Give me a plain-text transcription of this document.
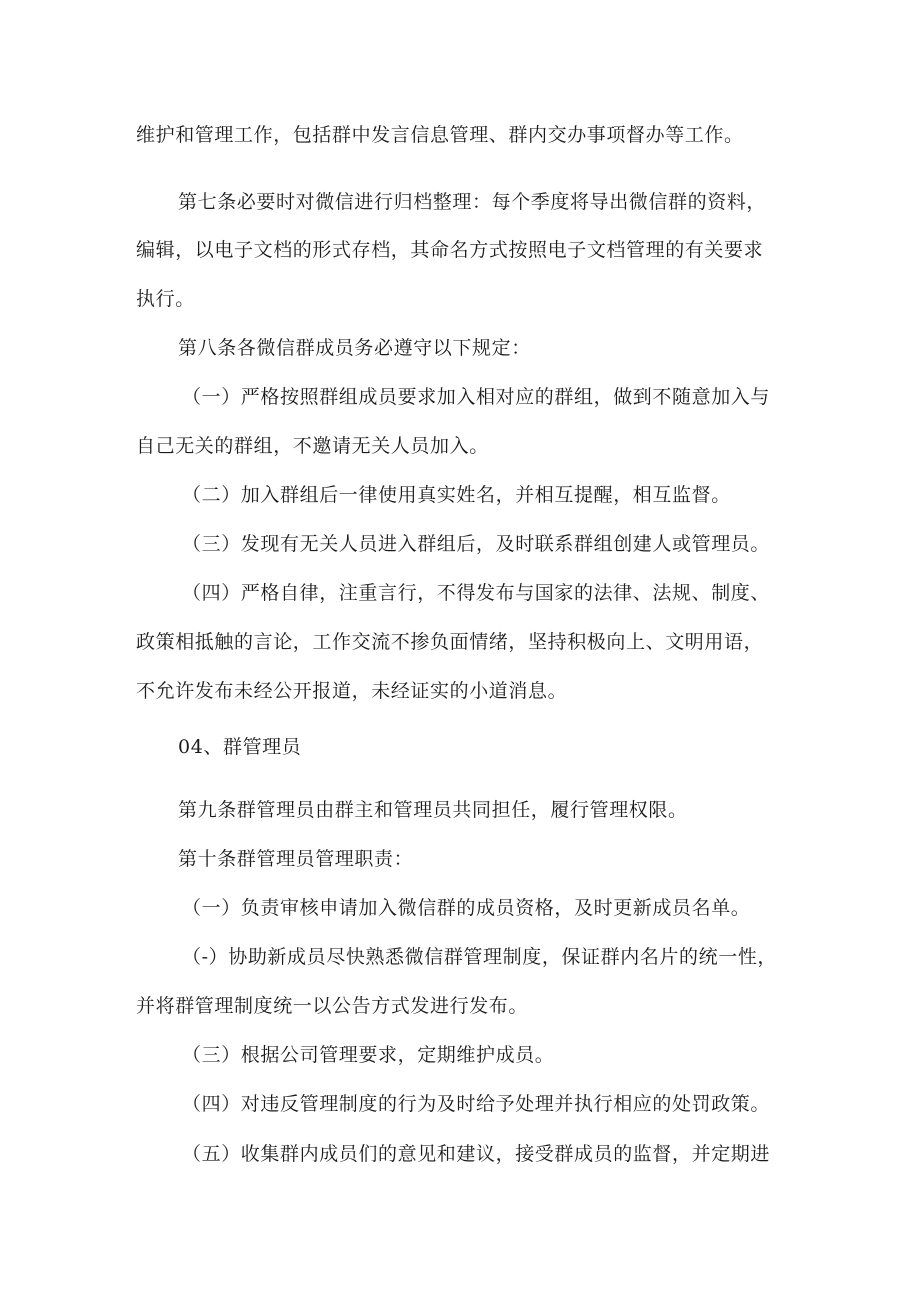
维护和管理工作，包括群中发言信息管理、群内交办事项督办等工作。
第七条必要时对微信进行归档整理：每个季度将导出微信群的资料，
编辑，以电子文档的形式存档，其命名方式按照电子文档管理的有关要求
执行。
第八条各微信群成员务必遵守以下规定：
（一）严格按照群组成员要求加入相对应的群组，做到不随意加入与
自己无关的群组，不邀请无关人员加入。
（二）加入群组后一律使用真实姓名，并相互提醒，相互监督。
（三）发现有无关人员进入群组后，及时联系群组创建人或管理员。
（四）严格自律，注重言行，不得发布与国家的法律、法规、制度、
政策相抵触的言论，工作交流不掺负面情绪，坚持积极向上、文明用语，
不允许发布未经公开报道，未经证实的小道消息。
04、群管理员
第九条群管理员由群主和管理员共同担任，履行管理权限。
第十条群管理员管理职责：
（一）负责审核申请加入微信群的成员资格，及时更新成员名单。
（-）协助新成员尽快熟悉微信群管理制度，保证群内名片的统一性，
并将群管理制度统一以公告方式发进行发布。
（三）根据公司管理要求，定期维护成员。
（四）对违反管理制度的行为及时给予处理并执行相应的处罚政策。
（五）收集群内成员们的意见和建议，接受群成员的监督，并定期进
